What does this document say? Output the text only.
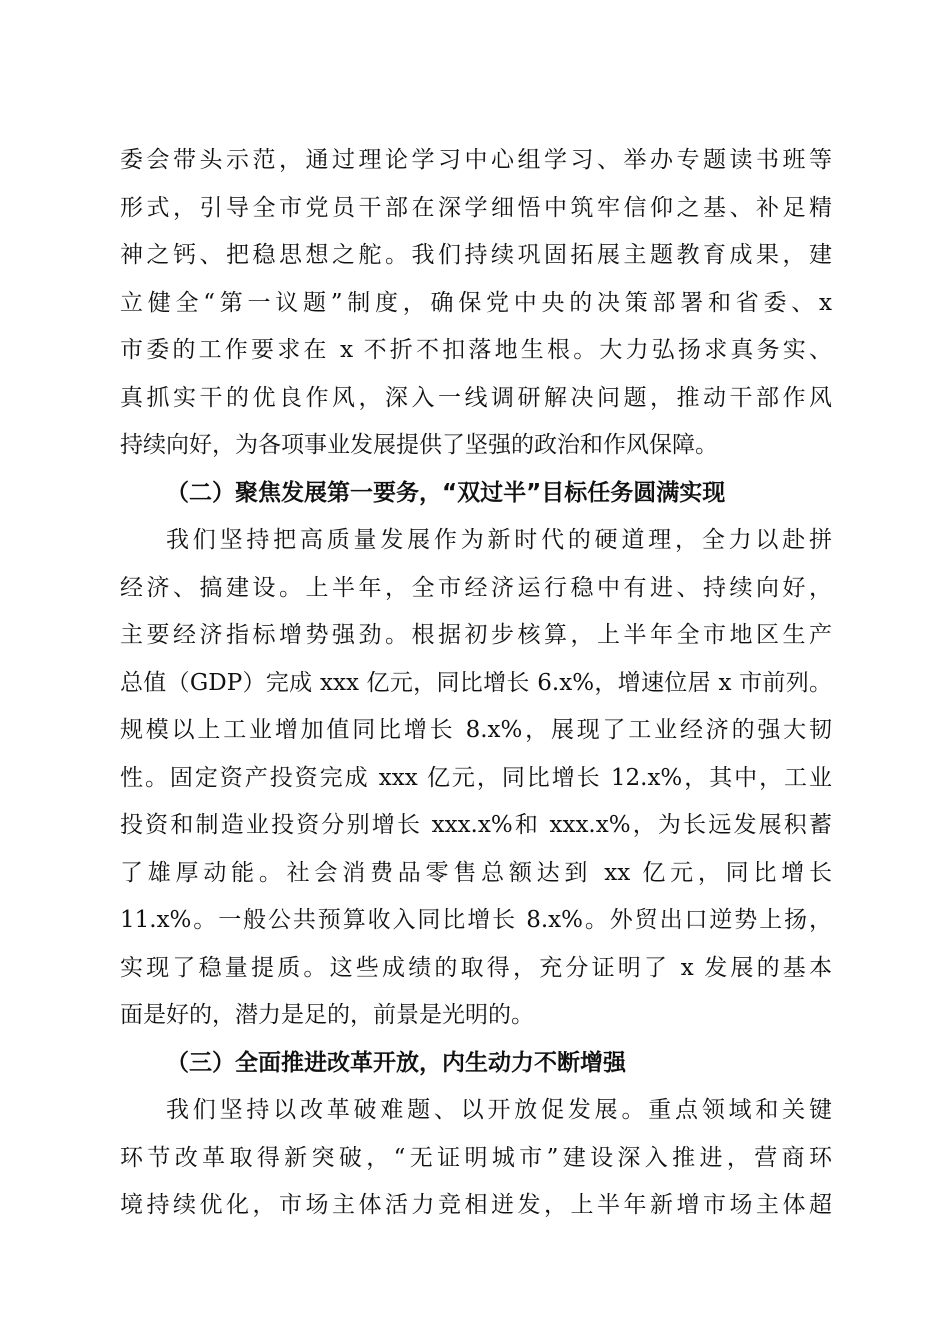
委会带头示范，通过理论学习中心组学习、举办专题读书班等
形式，引导全市党员干部在深学细悟中筑牢信仰之基、补足精
神之钙、把稳思想之舵。我们持续巩固拓展主题教育成果，建
立健全“第一议题”制度，确保党中央的决策部署和省委、x
市委的工作要求在 x 不折不扣落地生根。大力弘扬求真务实、
真抓实干的优良作风，深入一线调研解决问题，推动干部作风
持续向好，为各项事业发展提供了坚强的政治和作风保障。
（二）聚焦发展第一要务，“双过半”目标任务圆满实现
我们坚持把高质量发展作为新时代的硬道理，全力以赴拼
经济、搞建设。上半年，全市经济运行稳中有进、持续向好，
主要经济指标增势强劲。根据初步核算，上半年全市地区生产
总值（GDP）完成 xxx 亿元，同比增长 6.x%，增速位居 x 市前列。
规模以上工业增加值同比增长 8.x%，展现了工业经济的强大韧
性。固定资产投资完成 xxx 亿元，同比增长 12.x%，其中，工业
投资和制造业投资分别增长 xxx.x%和 xxx.x%，为长远发展积蓄
了雄厚动能。社会消费品零售总额达到 xx 亿元，同比增长
11.x%。一般公共预算收入同比增长 8.x%。外贸出口逆势上扬，
实现了稳量提质。这些成绩的取得，充分证明了 x 发展的基本
面是好的，潜力是足的，前景是光明的。
（三）全面推进改革开放，内生动力不断增强
我们坚持以改革破难题、以开放促发展。重点领域和关键
环节改革取得新突破，“无证明城市”建设深入推进，营商环
境持续优化，市场主体活力竞相迸发，上半年新增市场主体超
